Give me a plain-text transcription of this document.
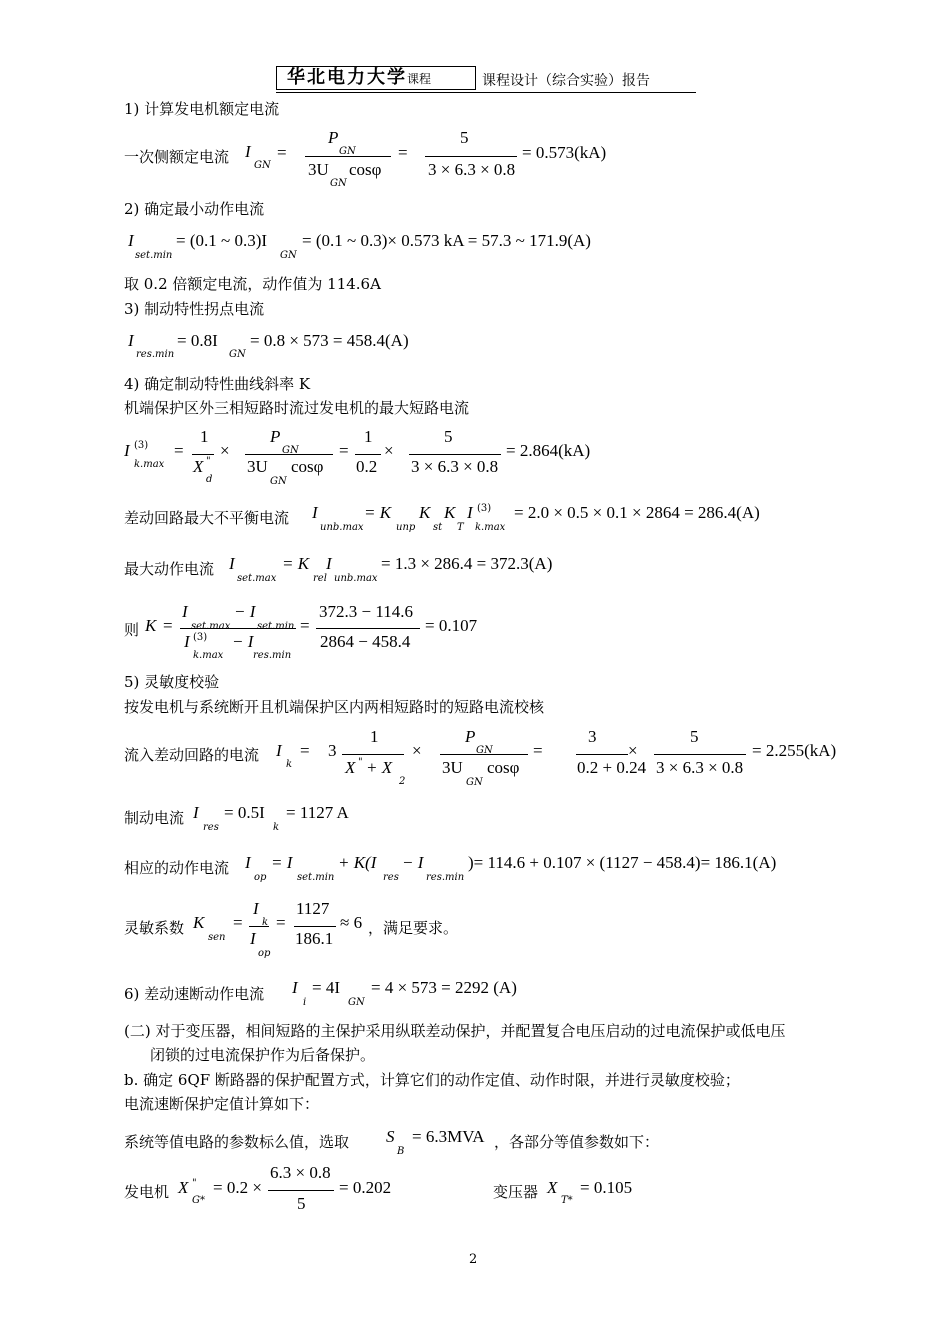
华北电力大学课程	课程设计（综合实验）报告
1) 计算发电机额定电流
一次侧额定电流 I
GN
=
P
GN
3U
GN
cosφ
=
5
3 × 6.3 × 0.8
= 0.573(kA)
2) 确定最小动作电流
I
set.min
= (0.1 ~ 0.3)I
GN
= (0.1 ~ 0.3)× 0.573 kA = 57.3 ~ 171.9(A)
取 0.2 倍额定电流，动作值为 114.6A
3) 制动特性拐点电流
I
res.min
= 0.8I
GN
= 0.8 × 573 = 458.4(A)
4) 确定制动特性曲线斜率 K
机端保护区外三相短路时流过发电机的最大短路电流
I (3)
k.max
=
1
X "
d
×
P
GN
3U
GN
cosφ
=
1
0.2
×
5
3 × 6.3 × 0.8
= 2.864(kA)
差动回路最大不平衡电流 I
unb.max
= K
unp
K
st
K
T
I (3)
k.max
= 2.0 × 0.5 × 0.1 × 2864 = 286.4(A)
最大动作电流 I
set.max
= K
rel
I
unb.max
= 1.3 × 286.4 = 372.3(A)
则 K =
I
set.max
− I
set.min
I (3)
k.max
− I
res.min
=
372.3 − 114.6
2864 − 458.4
= 0.107
5) 灵敏度校验
按发电机与系统断开且机端保护区内两相短路时的短路电流校核
流入差动回路的电流 I
k
= 3
1
X " + X
2
×
P
GN
3U
GN
cosφ
=
3
0.2 + 0.24
×
5
3 × 6.3 × 0.8
= 2.255(kA)
制动电流 I
res
= 0.5I
k
= 1127 A
相应的动作电流 I
op
= I
set.min
+ K(I
res
− I
res.min
)= 114.6 + 0.107 × (1127 − 458.4)= 186.1(A)
灵敏系数 K
sen
=
I
k
I
op
=
1127
186.1
≈ 6 ，满足要求。
6) 差动速断动作电流 I
i
= 4I
GN
= 4 × 573 = 2292 (A)
(二) 对于变压器，相间短路的主保护采用纵联差动保护，并配置复合电压启动的过电流保护或低电压
闭锁的过电流保护作为后备保护。
b. 确定 6QF 断路器的保护配置方式，计算它们的动作定值、动作时限，并进行灵敏度校验；
电流速断保护定值计算如下：
系统等值电路的参数标么值，选取 S
B
= 6.3MVA ，各部分等值参数如下：
发电机 X "
G*
= 0.2 ×
6.3 × 0.8
5
= 0.202	变压器 X
T*
= 0.105
2
